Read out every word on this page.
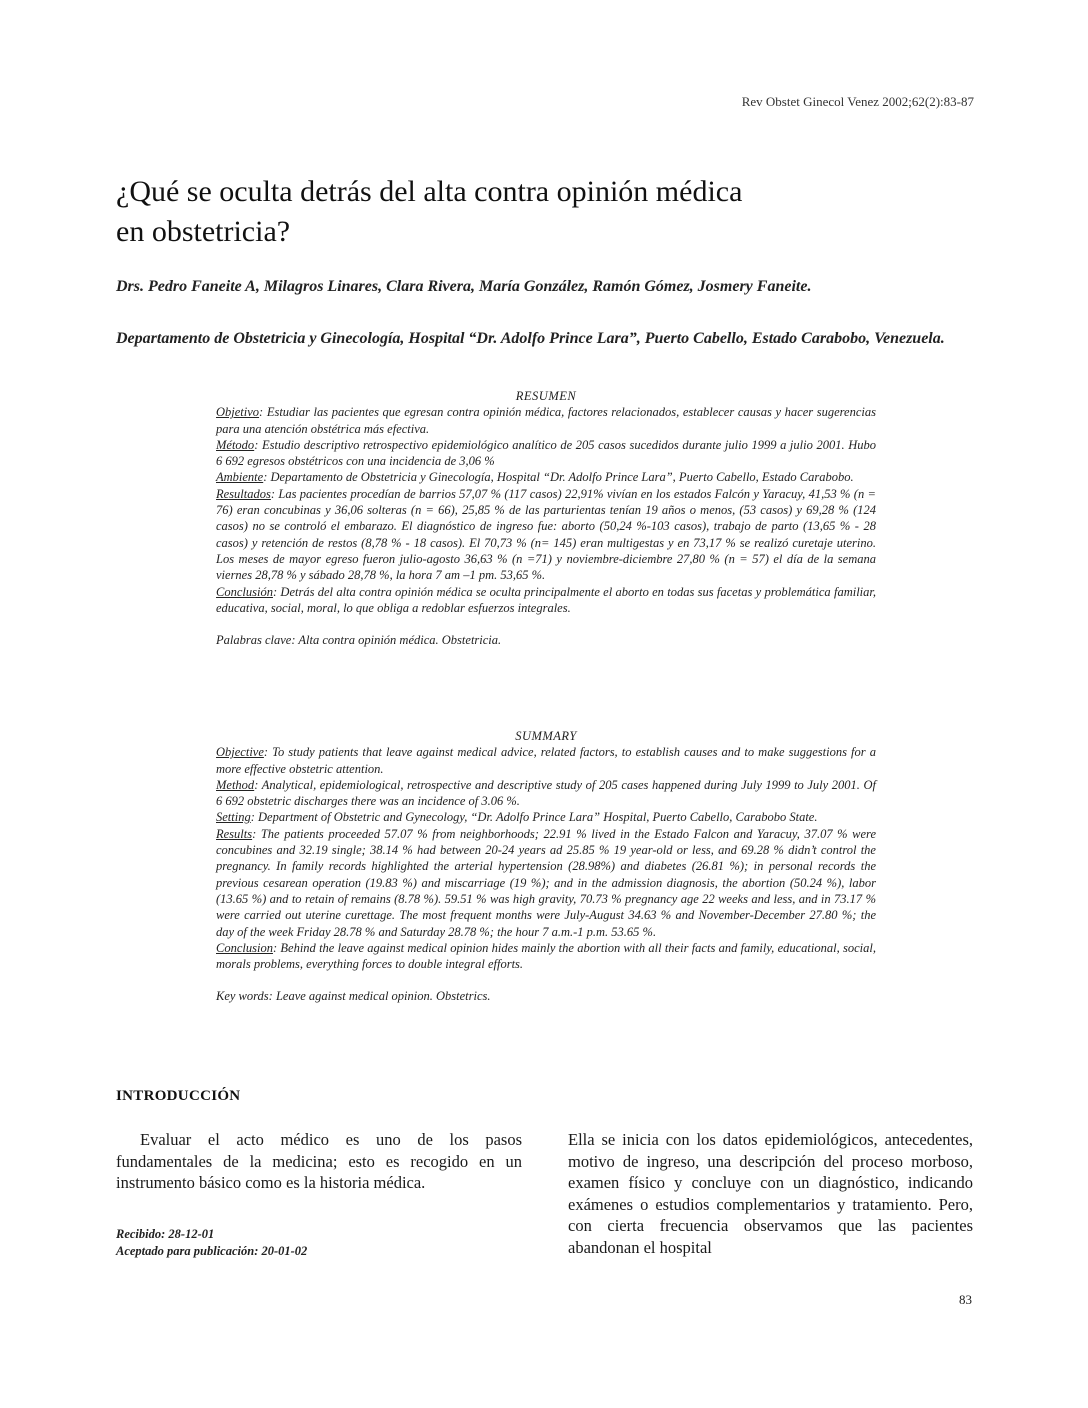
Rev Obstet Ginecol Venez 2002;62(2):83-87
¿Qué se oculta detrás del alta contra opinión médica
en obstetricia?

Drs. Pedro Faneite A, Milagros Linares, Clara Rivera, María González, Ramón Gómez, Josmery Faneite.

Departamento de Obstetricia y Ginecología, Hospital “Dr. Adolfo Prince Lara”, Puerto Cabello, Estado Carabobo, Venezuela.

RESUMEN

Objetivo: Estudiar las pacientes que egresan contra opinión médica, factores relacionados, establecer causas y hacer sugerencias para una atención obstétrica más efectiva.

Método: Estudio descriptivo retrospectivo epidemiológico analítico de 205 casos sucedidos durante julio 1999 a julio 2001. Hubo 6 692 egresos obstétricos con una incidencia de 3,06 %

Ambiente: Departamento de Obstetricia y Ginecología, Hospital “Dr. Adolfo Prince Lara”, Puerto Cabello, Estado Carabobo.

Resultados: Las pacientes procedían de barrios 57,07 % (117 casos) 22,91% vivían en los estados Falcón y Yaracuy, 41,53 % (n = 76) eran concubinas y 36,06 solteras (n = 66), 25,85 % de las parturientas tenían 19 años o menos, (53 casos) y 69,28 % (124 casos) no se controló el embarazo. El diagnóstico de ingreso fue: aborto (50,24 %-103 casos), trabajo de parto (13,65 % - 28 casos) y retención de restos (8,78 % - 18 casos). El 70,73 % (n= 145) eran multigestas y en 73,17 % se realizó curetaje uterino. Los meses de mayor egreso fueron julio-agosto 36,63 % (n =71) y noviembre-diciembre 27,80 % (n = 57) el día de la semana viernes 28,78 % y sábado 28,78 %, la hora 7 am –1 pm. 53,65 %.

Conclusión: Detrás del alta contra opinión médica se oculta principalmente el aborto en todas sus facetas y problemática familiar, educativa, social, moral, lo que obliga a redoblar esfuerzos integrales.

Palabras clave: Alta contra opinión médica. Obstetricia.

SUMMARY

Objective: To study patients that leave against medical advice, related factors, to establish causes and to make suggestions for a more effective obstetric attention.

Method: Analytical, epidemiological, retrospective and descriptive study of 205 cases happened during July 1999 to July 2001. Of 6 692 obstetric discharges there was an incidence of 3.06 %.

Setting: Department of Obstetric and Gynecology, “Dr. Adolfo Prince Lara” Hospital, Puerto Cabello, Carabobo State.

Results: The patients proceeded 57.07 % from neighborhoods; 22.91 % lived in the Estado Falcon and Yaracuy, 37.07 % were concubines and 32.19 single; 38.14 % had between 20-24 years ad 25.85 % 19 year-old or less, and 69.28 % didn’t control the pregnancy. In family records highlighted the arterial hypertension (28.98%) and diabetes (26.81 %); in personal records the previous cesarean operation (19.83 %) and miscarriage (19 %); and in the admission diagnosis, the abortion (50.24 %), labor (13.65 %) and to retain of remains (8.78 %). 59.51 % was high gravity, 70.73 % pregnancy age 22 weeks and less, and in 73.17 % were carried out uterine curettage. The most frequent months were July-August 34.63 % and November-December 27.80 %; the day of the week Friday 28.78 % and Saturday 28.78 %; the hour 7 a.m.-1 p.m. 53.65 %.

Conclusion: Behind the leave against medical opinion hides mainly the abortion with all their facts and family, educational, social, morals problems, everything forces to double integral efforts.

Key words: Leave against medical opinion. Obstetrics.

INTRODUCCIÓN

Evaluar el acto médico es uno de los pasos fundamentales de la medicina; esto es recogido en un instrumento básico como es la historia médica.

Ella se inicia con los datos epidemiológicos, antecedentes, motivo de ingreso, una descripción del proceso morboso, examen físico y concluye con un diagnóstico, indicando exámenes o estudios complementarios y tratamiento. Pero, con cierta frecuencia observamos que las pacientes abandonan el hospital

Recibido: 28-12-01
Aceptado para publicación: 20-01-02
83
